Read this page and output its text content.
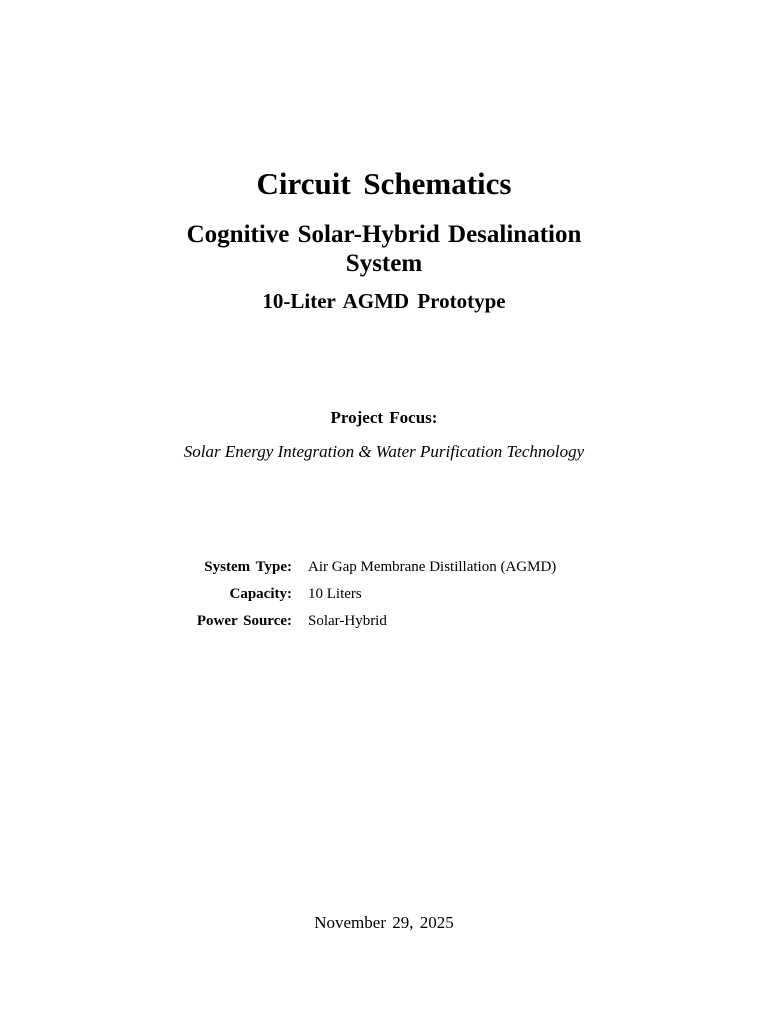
Circuit Schematics
Cognitive Solar-Hybrid Desalination
System
10-Liter AGMD Prototype
Project Focus:
Solar Energy Integration & Water Purification Technology
System Type: Air Gap Membrane Distillation (AGMD)
Capacity: 10 Liters
Power Source: Solar-Hybrid
November 29, 2025
